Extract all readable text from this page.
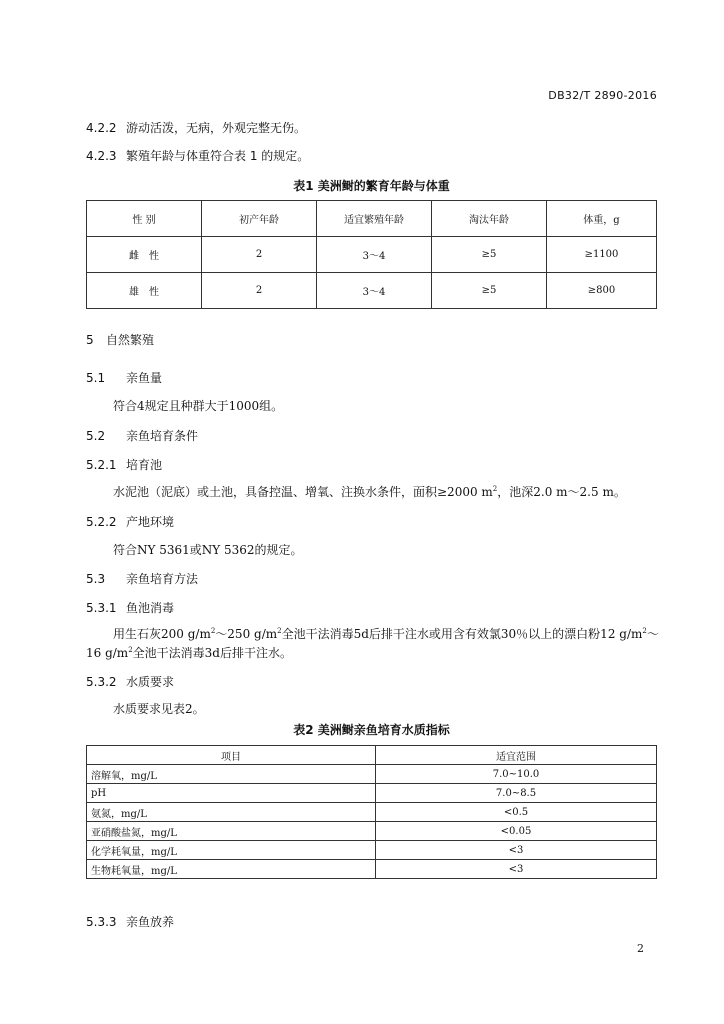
DB32/T 2890-2016
4.2.2 游动活泼，无病，外观完整无伤。
4.2.3 繁殖年龄与体重符合表 1 的规定。
表1 美洲鲥的繁育年龄与体重
性 别	初产年龄	适宜繁殖年龄	淘汰年龄	体重，g
雌　性	2	3～4	≥5	≥1100
雄　性	2	3～4	≥5	≥800
5 自然繁殖
5.1 亲鱼量
符合4规定且种群大于1000组。
5.2 亲鱼培育条件
5.2.1 培育池
水泥池（泥底）或土池，具备控温、增氧、注换水条件，面积≥2000 $m^2$，池深2.0 m～2.5 m。
5.2.2 产地环境
符合NY 5361或NY 5362的规定。
5.3 亲鱼培育方法
5.3.1 鱼池消毒
用生石灰200 $g/m^2\sim 250$ $g/m^2$全池干法消毒5d后排干注水或用含有效氯30％以上的漂白粉12 $g/m^2\sim$
16 $g/m^2$全池干法消毒3d后排干注水。
5.3.2 水质要求
水质要求见表2。
表2 美洲鲥亲鱼培育水质指标
项目	适宜范围
溶解氧，mg/L	7.0~10.0
pH	7.0~8.5
氨氮，mg/L	<0.5
亚硝酸盐氮，mg/L	<0.05
化学耗氧量，mg/L	<3
生物耗氧量，mg/L	<3
5.3.3 亲鱼放养
2
